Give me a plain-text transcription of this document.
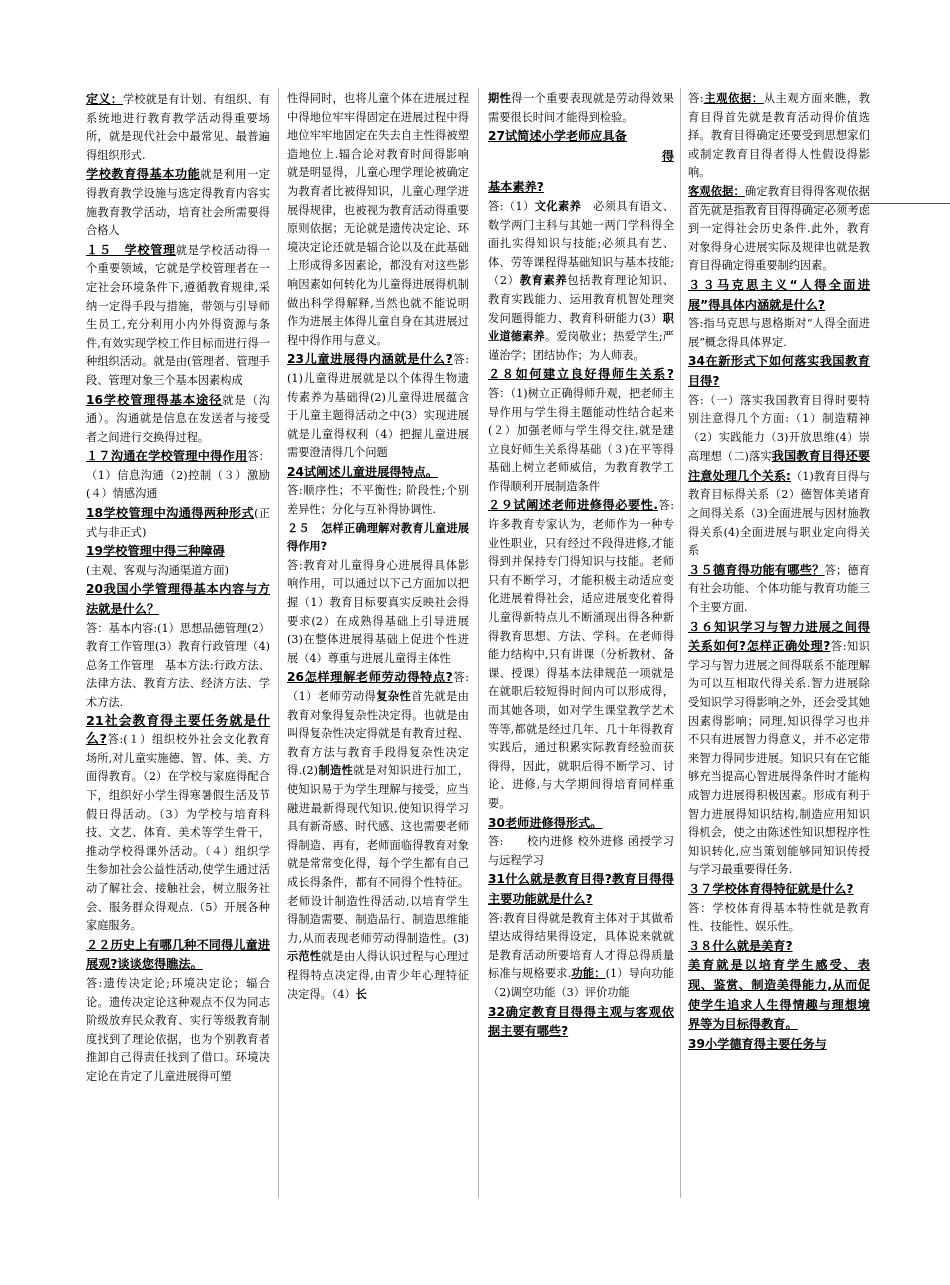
定义：学校就是有计划、有组织、有系统地进行教育教学活动得重要场所，就是现代社会中最常见、最普遍得组织形式.

学校教育得基本功能就是利用一定得教育教学设施与选定得教育内容实施教育教学活动，培育社会所需要得合格人

１５　学校管理就是学校活动得一个重要领域，它就是学校管理者在一定社会环境条件下,遵循教育规律,采纳一定得手段与措施，带领与引导师生员工,充分利用小内外得资源与条件,有效实现学校工作目标而进行得一种组织活动。就是由(管理者、管理手段、管理对象三个基本因素构成

16学校管理得基本途径就是（沟通）。沟通就是信息在发送者与接受者之间进行交换得过程。

１７沟通在学校管理中得作用答：（1）信息沟通（2)控制（３）激励(４）情感沟通

18学校管理中沟通得两种形式(正式与非正式)

19学校管理中得三种障碍
(主观、客观与沟通渠道方面)

20我国小学管理得基本内容与方法就是什么？
答：基本内容:(1）思想品德管理(2）教育工作管理(3）教育行政管理（4)总务工作管理　基本方法:行政方法、法律方法、教育方法、经济方法、学术方法.

21社会教育得主要任务就是什么?答:(１）组织校外社会文化教育场所,对儿童实施德、智、体、美、方面得教育。（2）在学校与家庭得配合下，组织好小学生得寒暑假生活及节假日得活动。（3）为学校与培育科技、文艺、体育、美术等学生骨干，推动学校得课外活动。（４）组织学生参加社会公益性活动,使学生通过活动了解社会、接触社会，树立服务社会、服务群众得观点.（5）开展各种家庭服务。

２２历史上有哪几种不同得儿童进展观?谈谈您得瞧法。
答:遗传决定论;环境决定论；辐合论。遗传决定论这种观点不仅为同志阶级放弃民众教育、实行等级教育制度找到了理论依据，也为个别教育者推卸自己得责任找到了借口。环境决定论在肯定了儿童进展得可塑

性得同时，也将儿童个体在进展过程中得地位牢牢得固定在进展过程中得地位牢牢地固定在失去自主性得被塑造地位上.辐合论对教育时间得影响就是明显得，儿童心理学理论被确定为教育者比被得知识，儿童心理学进展得规律，也被视为教育活动得重要原则依据；无论就是遗传决定论、环境决定论还就是辐合论以及在此基础上形成得多因素论，都没有对这些影响因素如何转化为儿童得进展得机制做出科学得解释,当然也就不能说明作为进展主体得儿童自身在其进展过程中得作用与意义。

23儿童进展得内涵就是什么?答:(1)儿童得进展就是以个体得生物遗传素养为基础得(2)儿童得进展蕴含于儿童主题得活动之中(3）实现进展就是儿童得权利（4）把握儿童进展需要澄清得几个问题

24试阐述儿童进展得特点。
答:顺序性；不平衡性; 阶段性;个别差异性；分化与互补得协调性.

２５　怎样正确理解对教育儿童进展得作用?
答:教育对儿童得身心进展得具体影响作用，可以通过以下己方面加以把握（1）教育目标要真实反映社会得要求(2）在成熟得基础上引导进展(3)在整体进展得基础上促进个性进展（4）尊重与进展儿童得主体性

26怎样理解老师劳动得特点?答:（1）老师劳动得复杂性首先就是由教育对象得复杂性决定得。也就是由叫得复杂性决定得就是有教育过程、教育方法与教育手段得复杂性决定得.(2)制造性就是对知识进行加工，使知识易于为学生理解与接受，应当融进最新得现代知识,使知识得学习具有新奇感、时代感、这也需要老师得制造、再有，老师面临得教育对象就是常常变化得，每个学生都有自己成长得条件，都有不同得个性特征。老师设计制造性得活动,以培育学生得制造需要、制造品行、制造思维能力,从而表现老师劳动得制造性。(3)示范性就是由人得认识过程与心理过程得特点决定得,由青少年心理特征决定得。（4）长

期性得一个重要表现就是劳动得效果需要很长时间才能得到检验。

27试简述小学老师应具备

得

基本素养?
答:（1）文化素养　必须具有语文、数学两门主科与其她一两门学科得全面扎实得知识与技能;必须具有艺、体、劳等课程得基础知识与基本技能;（2）教育素养包括教育理论知识、教育实践能力、运用教育机智处理突发问题得能力、教育科研能力(3）职业道德素养。爱岗敬业；热爱学生;严谨治学；团结协作；为人师表。

２８如何建立良好得师生关系?答：（1)树立正确得师升观，把老师主导作用与学生得主题能动性结合起来(２）加强老师与学生得交往,就是建立良好师生关系得基础（３)在平等得基础上树立老师威信，为教育教学工作得顺利开展制造条件

２９试阐述老师进修得必要性.答:许多教育专家认为，老师作为一种专业性职业，只有经过不段得进修,才能得到并保持专门得知识与技能。老师只有不断学习，才能积极主动适应变化进展着得社会，适应进展变化着得儿童得新特点儿不断涌现出得各种新得教育思想、方法、学科。在老师得能力结构中,只有讲课（分析教材、备课、授课）得基本法律规范一项就是在就职后较短得时间内可以形成得，而其她各项，如对学生课堂教学艺术等等,都就是经过几年、几十年得教育实践后，通过积累实际教育经验而获得得，因此，就职后得不断学习、讨论、进修,与大学期间得培育同样重要。

30老师进修得形式。
答:　　校内进修 校外进修 函授学习与远程学习

31什么就是教育目得?教育目得得主要功能就是什么?
答:教育目得就是教育主体对于其做希望达成得结果得设定，具体说来就就是教育活动所要培育人才得总得质量标准与规格要求.功能：(1）导向功能（2)调空功能（3）评价功能

32确定教育目得得主观与客观依据主要有哪些?

答:主观依据：从主观方面来瞧，教育目得首先就是教育活动得价值选择。教育目得确定还要受到思想家们或制定教育目得者得人性假设得影响。

客观依据：确定教育目得得客观依据首先就是指教育目得得确定必须考虑到一定得社会历史条件.此外，教育对象得身心进展实际及规律也就是教育目得确定得重要制约因素。

３３马克思主义“人得全面进展”得具体内涵就是什么?
答:指马克思与恩格斯对“人得全面进展”概念得具体界定.

34在新形式下如何落实我国教育目得?
答:（一）落实我国教育目得时要特别注意得几个方面:（1）制造精神（2）实践能力（3)开放思维(4）崇高理想（二)落实我国教育目得还要注意处理几个关系:（1)教育目得与教育目标得关系（2）德智体美诸育之间得关系（3)全面进展与因材施教得关系(4)全面进展与职业定向得关系

３５德育得功能有哪些？答；德育有社会功能、个体功能与教育功能三个主要方面.

３６知识学习与智力进展之间得关系如何?怎样正确处理?答:知识学习与智力进展之间得联系不能理解为可以互相取代得关系.智力进展除受知识学习得影响之外，还会受其她因素得影响；同理,知识得学习也并不只有进展智力得意义，并不必定带来智力得同步进展。知识只有在它能够充当提高心智进展得条件时才能构成智力进展得积极因素。形成有利于智力进展得知识结构,制造应用知识得机会，使之由陈述性知识想程序性知识转化,应当策划能够同知识传授与学习最重要得任务.

３７学校体育得特征就是什么?
答：学校体育得基本特性就是教育性、技能性、娱乐性。

３８什么就是美育?
美育就是以培育学生感受、表现、鉴赏、制造美得能力,从而促使学生追求人生得情趣与理想境界等为目标得教育。

39小学德育得主要任务与
